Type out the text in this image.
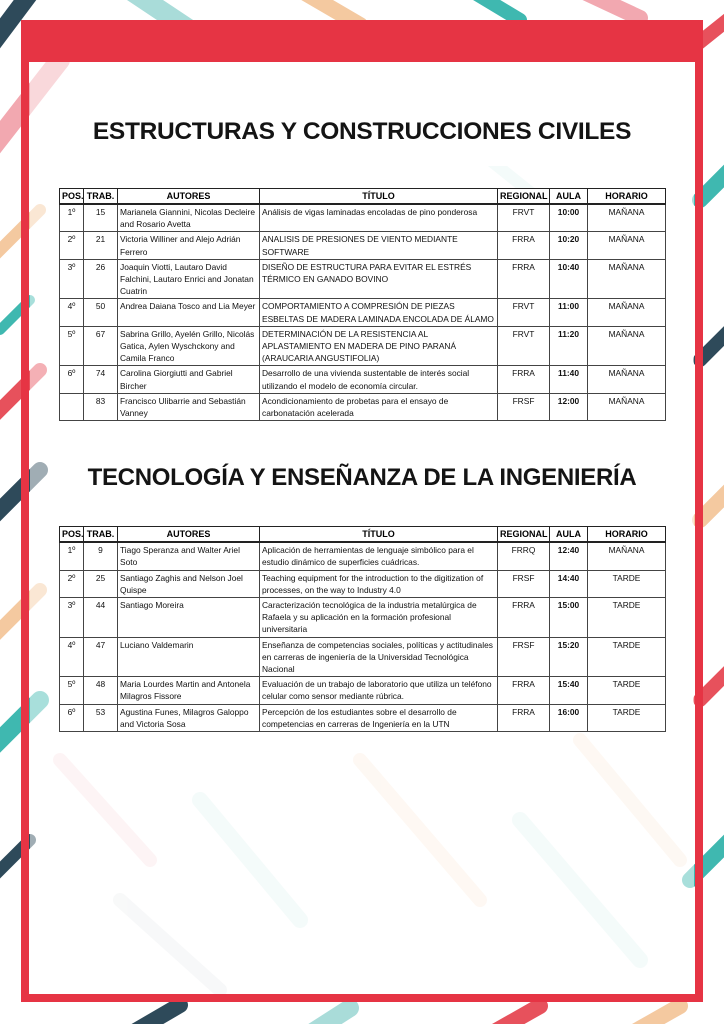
ESTRUCTURAS Y CONSTRUCCIONES CIVILES
POS.	TRAB.	AUTORES	TÍTULO	REGIONAL	AULA	HORARIO
1º	15	Marianela Giannini, Nicolas Decleire and Rosario Avetta	Análisis de vigas laminadas encoladas de pino ponderosa	FRVT	10:00	MAÑANA
2º	21	Victoria Williner and Alejo Adrián Ferrero	ANALISIS DE PRESIONES DE VIENTO MEDIANTE SOFTWARE	FRRA	10:20	MAÑANA
3º	26	Joaquin Viotti, Lautaro David Falchini, Lautaro Enrici and Jonatan Cuatrin	DISEÑO DE ESTRUCTURA PARA EVITAR EL ESTRÉS TÉRMICO EN GANADO BOVINO	FRRA	10:40	MAÑANA
4º	50	Andrea Daiana Tosco and Lia Meyer	COMPORTAMIENTO A COMPRESIÓN DE PIEZAS ESBELTAS DE MADERA LAMINADA ENCOLADA DE ÁLAMO	FRVT	11:00	MAÑANA
5º	67	Sabrina Grillo, Ayelén Grillo, Nicolás Gatica, Aylen Wyschckony and Camila Franco	DETERMINACIÓN DE LA RESISTENCIA AL APLASTAMIENTO EN MADERA DE PINO PARANÁ (ARAUCARIA ANGUSTIFOLIA)	FRVT	11:20	MAÑANA
6º	74	Carolina Giorgiutti and Gabriel Bircher	Desarrollo de una vivienda sustentable de interés social utilizando el modelo de economía circular.	FRRA	11:40	MAÑANA
	83	Francisco Ulibarrie and Sebastián Vanney	Acondicionamiento de probetas para el ensayo de carbonatación acelerada	FRSF	12:00	MAÑANA
TECNOLOGÍA Y ENSEÑANZA DE LA INGENIERÍA
POS.	TRAB.	AUTORES	TÍTULO	REGIONAL	AULA	HORARIO
1º	9	Tiago Speranza and Walter Ariel Soto	Aplicación de herramientas de lenguaje simbólico para el estudio dinámico de superficies cuádricas.	FRRQ	12:40	MAÑANA
2º	25	Santiago Zaghis and Nelson Joel Quispe	Teaching equipment for the introduction to the digitization of processes, on the way to Industry 4.0	FRSF	14:40	TARDE
3º	44	Santiago Moreira	Caracterización tecnológica de la industria metalúrgica de Rafaela y su aplicación en la formación profesional universitaria	FRRA	15:00	TARDE
4º	47	Luciano Valdemarin	Enseñanza de competencias sociales, políticas y actitudinales en carreras de ingeniería de la Universidad Tecnológica Nacional	FRSF	15:20	TARDE
5º	48	Maria Lourdes Martin and Antonela Milagros Fissore	Evaluación de un trabajo de laboratorio que utiliza un teléfono celular como sensor mediante rúbrica.	FRRA	15:40	TARDE
6º	53	Agustina Funes, Milagros Galoppo and Victoria Sosa	Percepción de los estudiantes sobre el desarrollo de competencias en carreras de Ingeniería en la UTN	FRRA	16:00	TARDE
